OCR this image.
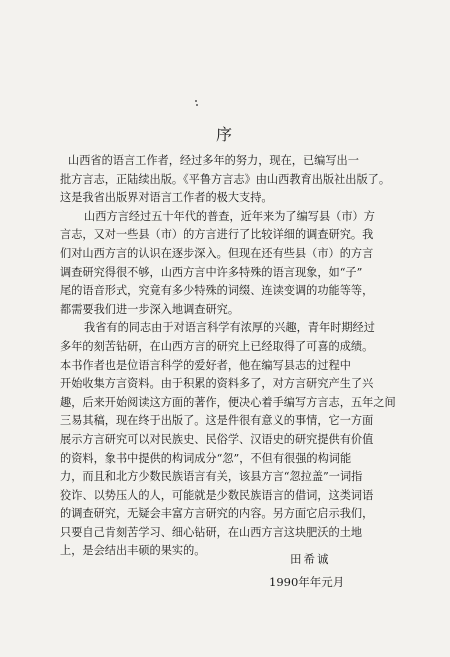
序
山西省的语言工作者，经过多年的努力，现在，已编写出一
批方言志，正陆续出版。《平鲁方言志》由山西教育出版社出版了。
这是我省出版界对语言工作者的极大支持。
山西方言经过五十年代的普查，近年来为了编写县（市）方
言志，又对一些县（市）的方言进行了比较详细的调查研究。我
们对山西方言的认识在逐步深入。但现在还有些县（市）的方言
调查研究得很不够，山西方言中许多特殊的语言现象，如“子”
尾的语音形式，究竟有多少特殊的词缀、连读变调的功能等等，
都需要我们进一步深入地调查研究。
我省有的同志由于对语言科学有浓厚的兴趣，青年时期经过
多年的刻苦钻研，在山西方言的研究上已经取得了可喜的成绩。
本书作者也是位语言科学的爱好者，他在编写县志的过程中
开始收集方言资料。由于积累的资料多了，对方言研究产生了兴
趣，后来开始阅读这方面的著作，便决心着手编写方言志，五年之间
三易其稿，现在终于出版了。这是件很有意义的事情，它一方面
展示方言研究可以对民族史、民俗学、汉语史的研究提供有价值
的资料，象书中提供的构词成分“忽”，不但有很强的构词能
力，而且和北方少数民族语言有关，该县方言“忽拉盖”一词指
狡诈、以势压人的人，可能就是少数民族语言的借词，这类词语
的调查研究，无疑会丰富方言研究的内容。另方面它启示我们，
只要自己肯刻苦学习、细心钻研，在山西方言这块肥沃的土地
上，是会结出丰硕的果实的。
田希诚
1990年年元月
